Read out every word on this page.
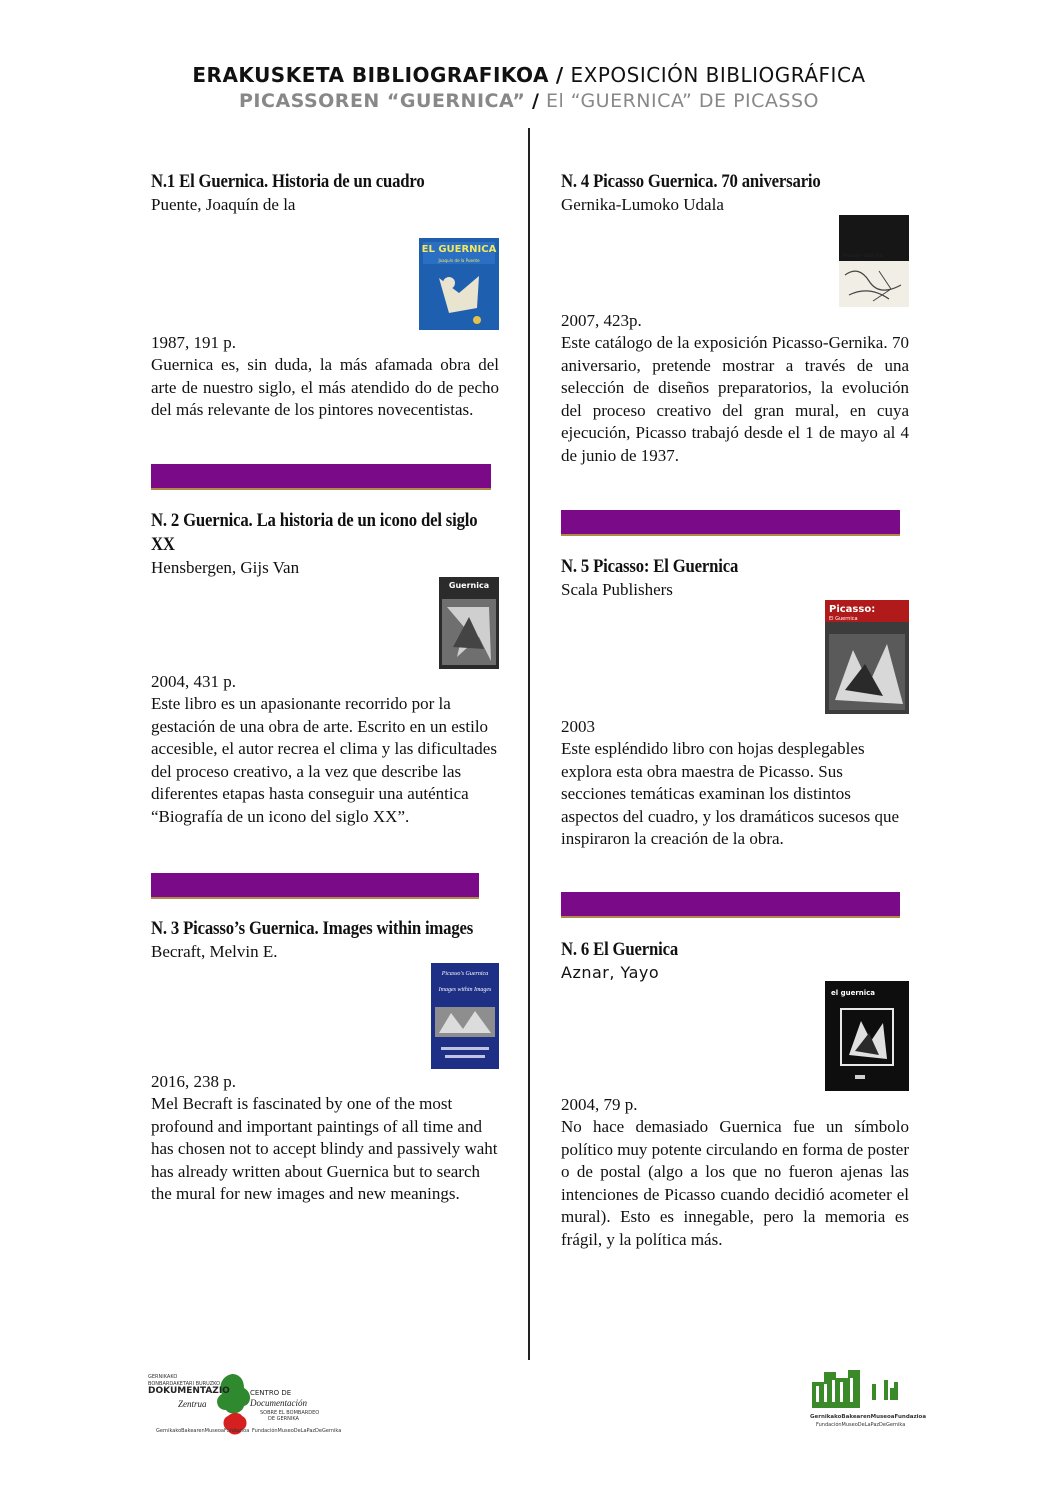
ERAKUSKETA BIBLIOGRAFIKOA / EXPOSICIÓN BIBLIOGRÁFICA
PICASSOREN “GUERNICA” / El “GUERNICA” DE PICASSO
N.1 El Guernica. Historia de un cuadro
Puente, Joaquín de la
EL GUERNICA
Joaquín de la Puente
1987, 191 p.
Guernica es, sin duda, la más afamada obra del arte de nuestro siglo, el más atendido do de pecho del más relevante de los pintores novecentistas.
N. 2 Guernica. La historia de un icono del siglo XX
Hensbergen, Gijs Van
Guernica
2004, 431 p.
Este libro es un apasionante recorrido por la gestación de una obra de arte. Escrito en un estilo accesible, el autor recrea el clima y las dificultades del proceso creativo, a la vez que describe las diferentes etapas hasta conseguir una auténtica “Biografía de un icono del siglo XX”.
N. 3 Picasso’s Guernica. Images within images
Becraft, Melvin E.
Picasso's Guernica
Images within Images
2016, 238 p.
Mel Becraft is fascinated by one of the most profound and important paintings of all time and has chosen not to accept blindy and passively waht has already written about Guernica but to search the mural for new images and new meanings.
N. 4 Picasso Guernica. 70 aniversario
Gernika-Lumoko Udala
Picasso-Gernika
2007, 423p.
Este catálogo de la exposición Picasso-Gernika. 70 aniversario, pretende mostrar a través de una selección de diseños preparatorios, la evolución del proceso creativo del gran mural, en cuya ejecución, Picasso trabajó desde el 1 de mayo al 4 de junio de 1937.
N. 5 Picasso: El Guernica
Scala Publishers
Picasso:
El Guernica
2003
Este espléndido libro con hojas desplegables explora esta obra maestra de Picasso. Sus secciones temáticas examinan los distintos aspectos del cuadro, y los dramáticos sucesos que inspiraron la creación de la obra.
N. 6 El Guernica
Aznar, Yayo
el guernica
2004, 79 p.
No hace demasiado Guernica fue un símbolo político muy potente circulando en forma de poster o de postal (algo a los que no fueron ajenas las intenciones de Picasso cuando decidió acometer el mural). Esto es innegable, pero la memoria es frágil, y la política más.
GERNIKAKO
BONBARDAKETARI BURUZKO
DOKUMENTAZIO
Zentrua
CENTRO DE
Documentación
SOBRE EL BOMBARDEO
DE GERNIKA
GernikakoBakearenMuseoaFundazioa FundaciónMuseoDeLaPazDeGernika
GernikakoBakearenMuseoaFundazioa
FundaciónMuseoDeLaPazDeGernika
